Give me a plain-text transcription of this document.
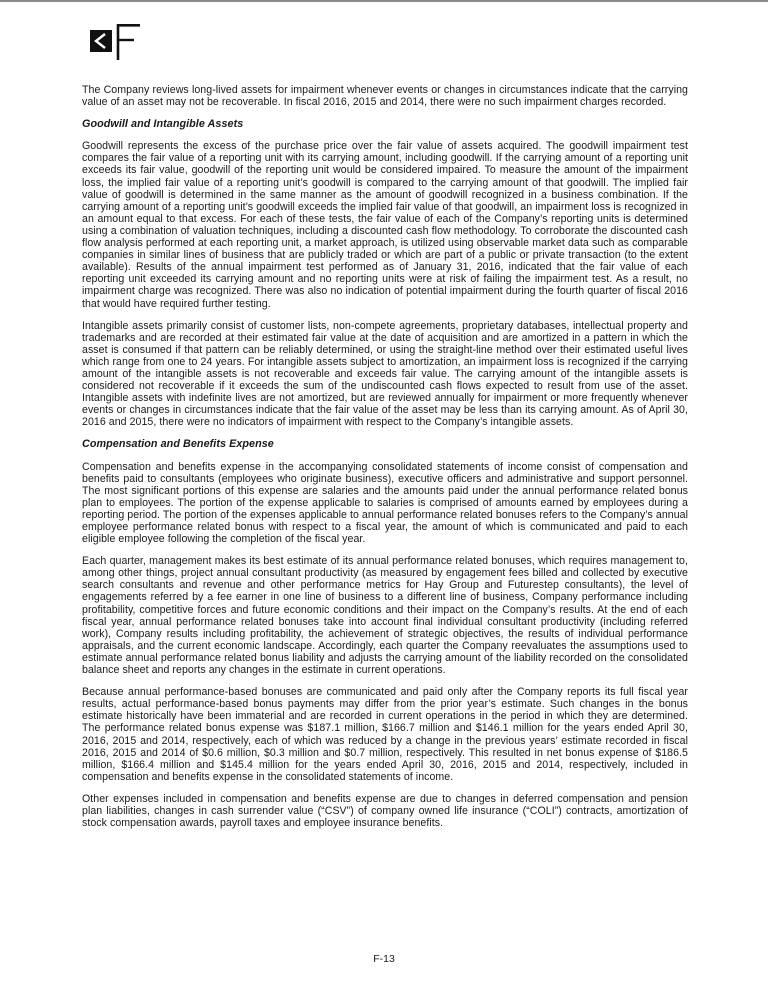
The Company reviews long-lived assets for impairment whenever events or changes in circumstances indicate that the carrying value of an asset may not be recoverable. In fiscal 2016, 2015 and 2014, there were no such impairment charges recorded.

Goodwill and Intangible Assets

Goodwill represents the excess of the purchase price over the fair value of assets acquired. The goodwill impairment test compares the fair value of a reporting unit with its carrying amount, including goodwill. If the carrying amount of a reporting unit exceeds its fair value, goodwill of the reporting unit would be considered impaired. To measure the amount of the impairment loss, the implied fair value of a reporting unit’s goodwill is compared to the carrying amount of that goodwill. The implied fair value of goodwill is determined in the same manner as the amount of goodwill recognized in a business combination. If the carrying amount of a reporting unit’s goodwill exceeds the implied fair value of that goodwill, an impairment loss is recognized in an amount equal to that excess. For each of these tests, the fair value of each of the Company’s reporting units is determined using a combination of valuation techniques, including a discounted cash flow methodology. To corroborate the discounted cash flow analysis performed at each reporting unit, a market approach, is utilized using observable market data such as comparable companies in similar lines of business that are publicly traded or which are part of a public or private transaction (to the extent available). Results of the annual impairment test performed as of January 31, 2016, indicated that the fair value of each reporting unit exceeded its carrying amount and no reporting units were at risk of failing the impairment test. As a result, no impairment charge was recognized. There was also no indication of potential impairment during the fourth quarter of fiscal 2016 that would have required further testing.

Intangible assets primarily consist of customer lists, non-compete agreements, proprietary databases, intellectual property and trademarks and are recorded at their estimated fair value at the date of acquisition and are amortized in a pattern in which the asset is consumed if that pattern can be reliably determined, or using the straight-line method over their estimated useful lives which range from one to 24 years. For intangible assets subject to amortization, an impairment loss is recognized if the carrying amount of the intangible assets is not recoverable and exceeds fair value. The carrying amount of the intangible assets is considered not recoverable if it exceeds the sum of the undiscounted cash flows expected to result from use of the asset. Intangible assets with indefinite lives are not amortized, but are reviewed annually for impairment or more frequently whenever events or changes in circumstances indicate that the fair value of the asset may be less than its carrying amount. As of April 30, 2016 and 2015, there were no indicators of impairment with respect to the Company’s intangible assets.

Compensation and Benefits Expense

Compensation and benefits expense in the accompanying consolidated statements of income consist of compensation and benefits paid to consultants (employees who originate business), executive officers and administrative and support personnel. The most significant portions of this expense are salaries and the amounts paid under the annual performance related bonus plan to employees. The portion of the expense applicable to salaries is comprised of amounts earned by employees during a reporting period. The portion of the expenses applicable to annual performance related bonuses refers to the Company’s annual employee performance related bonus with respect to a fiscal year, the amount of which is communicated and paid to each eligible employee following the completion of the fiscal year.

Each quarter, management makes its best estimate of its annual performance related bonuses, which requires management to, among other things, project annual consultant productivity (as measured by engagement fees billed and collected by executive search consultants and revenue and other performance metrics for Hay Group and Futurestep consultants), the level of engagements referred by a fee earner in one line of business to a different line of business, Company performance including profitability, competitive forces and future economic conditions and their impact on the Company’s results. At the end of each fiscal year, annual performance related bonuses take into account final individual consultant productivity (including referred work), Company results including profitability, the achievement of strategic objectives, the results of individual performance appraisals, and the current economic landscape. Accordingly, each quarter the Company reevaluates the assumptions used to estimate annual performance related bonus liability and adjusts the carrying amount of the liability recorded on the consolidated balance sheet and reports any changes in the estimate in current operations.

Because annual performance-based bonuses are communicated and paid only after the Company reports its full fiscal year results, actual performance-based bonus payments may differ from the prior year’s estimate. Such changes in the bonus estimate historically have been immaterial and are recorded in current operations in the period in which they are determined. The performance related bonus expense was $187.1 million, $166.7 million and $146.1 million for the years ended April 30, 2016, 2015 and 2014, respectively, each of which was reduced by a change in the previous years’ estimate recorded in fiscal 2016, 2015 and 2014 of $0.6 million, $0.3 million and $0.7 million, respectively. This resulted in net bonus expense of $186.5 million, $166.4 million and $145.4 million for the years ended April 30, 2016, 2015 and 2014, respectively, included in compensation and benefits expense in the consolidated statements of income.

Other expenses included in compensation and benefits expense are due to changes in deferred compensation and pension plan liabilities, changes in cash surrender value (“CSV”) of company owned life insurance (“COLI”) contracts, amortization of stock compensation awards, payroll taxes and employee insurance benefits.

F-13
